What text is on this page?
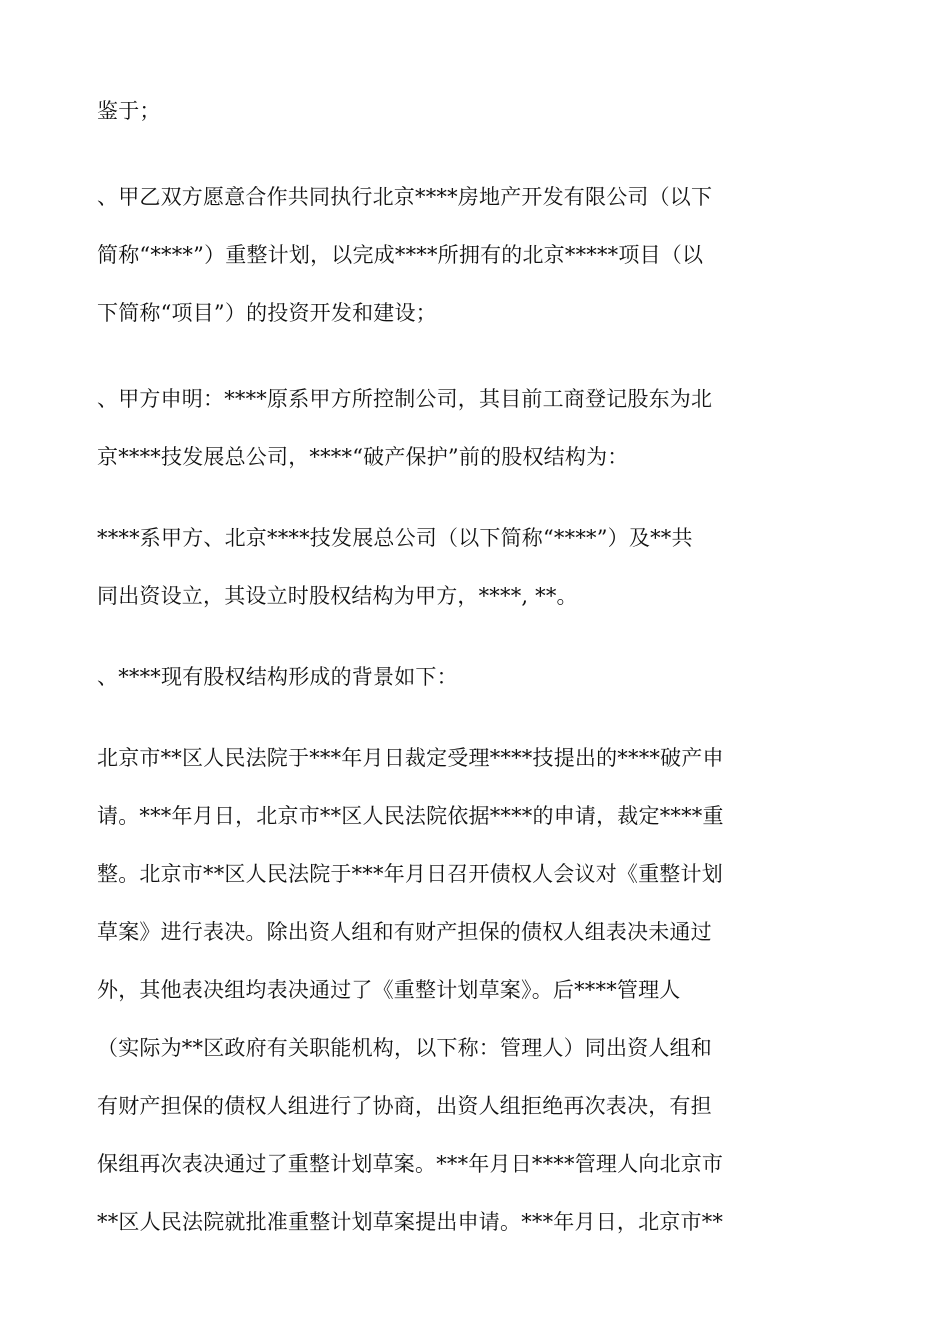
鉴于；

、甲乙双方愿意合作共同执行北京****房地产开发有限公司（以下
简称“****”）重整计划，以完成****所拥有的北京*****项目（以
下简称“项目”）的投资开发和建设；

、甲方申明：****原系甲方所控制公司，其目前工商登记股东为北
京****技发展总公司，****“破产保护”前的股权结构为：

****系甲方、北京****技发展总公司（以下简称“****”）及**共
同出资设立，其设立时股权结构为甲方，****, **。

、****现有股权结构形成的背景如下：

北京市**区人民法院于***年月日裁定受理****技提出的****破产申
请。***年月日，北京市**区人民法院依据****的申请，裁定****重
整。北京市**区人民法院于***年月日召开债权人会议对《重整计划
草案》进行表决。除出资人组和有财产担保的债权人组表决未通过
外，其他表决组均表决通过了《重整计划草案》。后****管理人
（实际为**区政府有关职能机构，以下称：管理人）同出资人组和
有财产担保的债权人组进行了协商，出资人组拒绝再次表决，有担
保组再次表决通过了重整计划草案。***年月日****管理人向北京市
**区人民法院就批准重整计划草案提出申请。***年月日，北京市**
